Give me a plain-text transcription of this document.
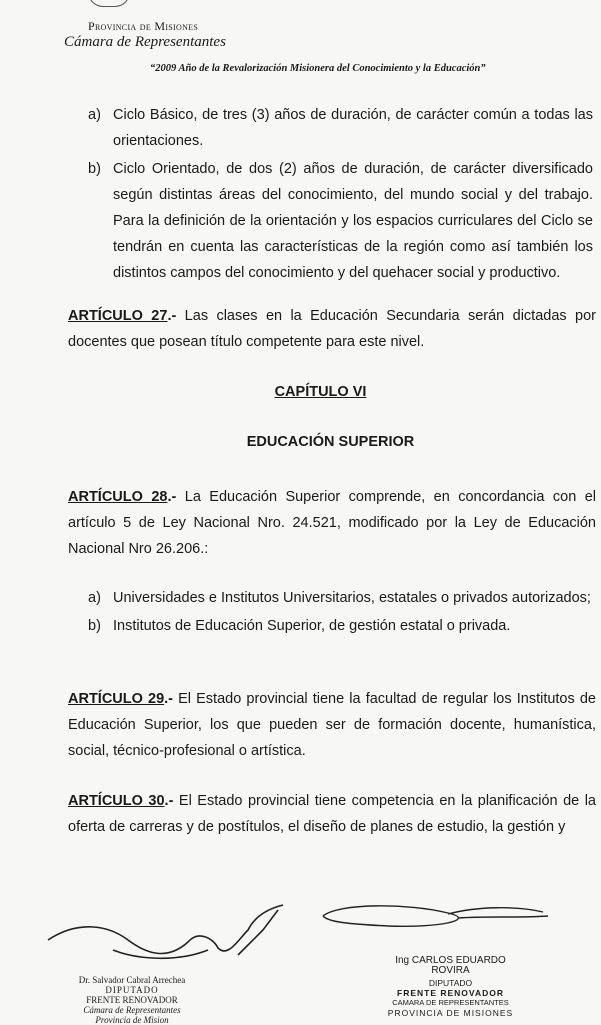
Provincia de Misiones
Cámara de Representantes
“2009 Año de la Revalorización Misionera del Conocimiento y la Educación”
a) Ciclo Básico, de tres (3) años de duración, de carácter común a todas las orientaciones.
b) Ciclo Orientado, de dos (2) años de duración, de carácter diversificado según distintas áreas del conocimiento, del mundo social y del trabajo. Para la definición de la orientación y los espacios curriculares del Ciclo se tendrán en cuenta las características de la región como así también los distintos campos del conocimiento y del quehacer social y productivo.
ARTÍCULO 27.- Las clases en la Educación Secundaria serán dictadas por docentes que posean título competente para este nivel.
CAPÍTULO VI
EDUCACIÓN SUPERIOR
ARTÍCULO 28.- La Educación Superior comprende, en concordancia con el artículo 5 de Ley Nacional Nro. 24.521, modificado por la Ley de Educación Nacional Nro 26.206.:
a) Universidades e Institutos Universitarios, estatales o privados autorizados;
b) Institutos de Educación Superior, de gestión estatal o privada.
ARTÍCULO 29.- El Estado provincial tiene la facultad de regular los Institutos de Educación Superior, los que pueden ser de formación docente, humanística, social, técnico-profesional o artística.
ARTÍCULO 30.- El Estado provincial tiene competencia en la planificación de la oferta de carreras y de postítulos, el diseño de planes de estudio, la gestión y
Dr. Salvador Cabral Arrechea
DIPUTADO
FRENTE RENOVADOR
Cámara de Representantes
Provincia de Mision
Ing CARLOS EDUARDO ROVIRA
DIPUTADO
FRENTE RENOVADOR
CAMARA DE REPRESENTANTES
PROVINCIA DE MISIONES
